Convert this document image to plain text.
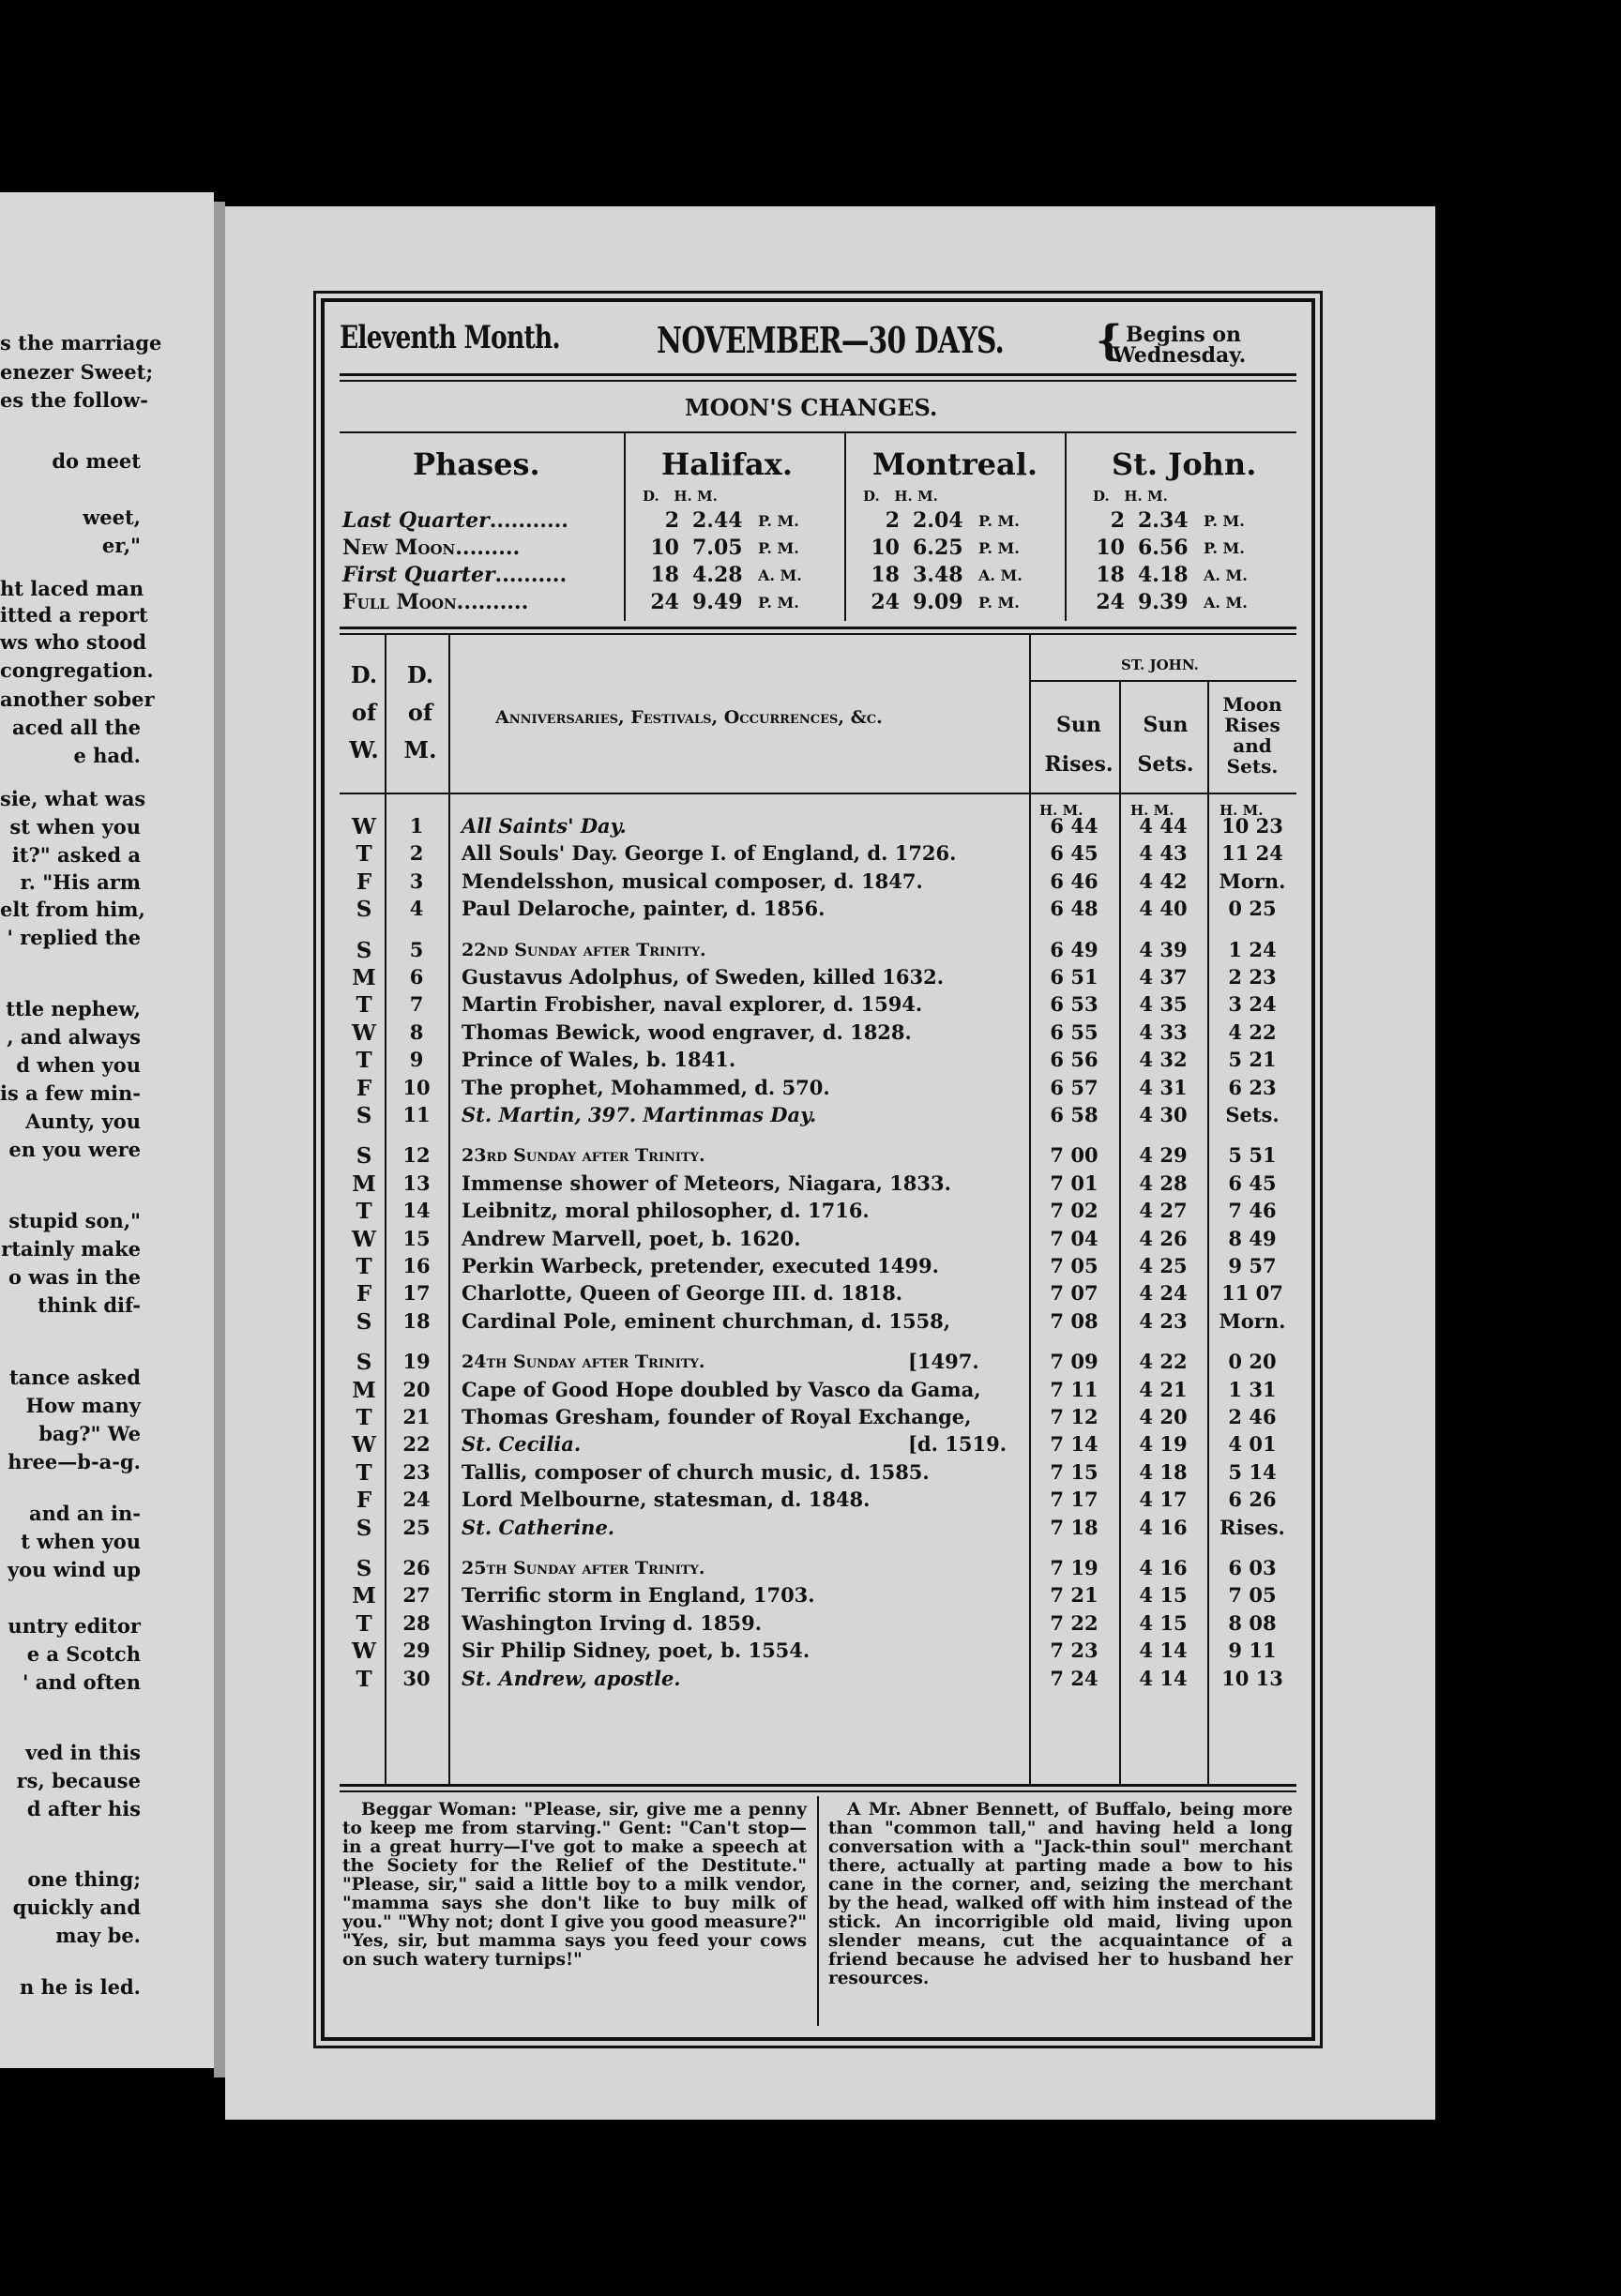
s the marriage
enezer Sweet;
es the follow-
do meet
weet,
er,"
ht laced man
itted a report
ws who stood
congregation.
another sober
aced all the
e had.
sie, what was
st when you
it?" asked a
r. "His arm
elt from him,
' replied the
ttle nephew,
, and always
d when you
is a few min-
Aunty, you
en you were
stupid son,"
rtainly make
o was in the
think dif-
tance asked
How many
bag?" We
hree—b-a-g.
and an in-
t when you
you wind up
untry editor
e a Scotch
' and often
ved in this
rs, because
d after his
one thing;
quickly and
may be.
n he is led.
Eleventh Month.	NOVEMBER—30 DAYS. { Begins on
Wednesday.
MOON'S CHANGES.
Phases.	Halifax.	Montreal. St. John.
D.   H. M.	D.   H. M.	D.   H. M.
Last Quarter...........	2 2.44 P. M.	2 2.04 P. M.	2 2.34 P. M.
New Moon.........	10 7.05 P. M.	10 6.25 P. M.	10 6.56 P. M.
First Quarter..........	18 4.28 A. M.	18 3.48 A. M.	18 4.18 A. M.
Full Moon..........	24 9.49 P. M.	24 9.09 P. M.	24 9.39 A. M.
D.
of
W.
D.
of
M.
Anniversaries, Festivals, Occurrences, &c.
ST. JOHN.
Sun
Rises.
Sun
Sets.
Moon
Rises
and
Sets.
H. M.	H. M.	H. M.
W	1	All Saints' Day.	6 44	4 44	10 23
T	2	All Souls' Day. George I. of England, d. 1726.	6 45	4 43	11 24
F	3	Mendelsshon, musical composer, d. 1847.	6 46	4 42	Morn.
S	4	Paul Delaroche, painter, d. 1856.	6 48	4 40	0 25
S	5	22nd Sunday after Trinity.	6 49	4 39	1 24
M	6	Gustavus Adolphus, of Sweden, killed 1632.	6 51	4 37	2 23
T	7	Martin Frobisher, naval explorer, d. 1594.	6 53	4 35	3 24
W	8	Thomas Bewick, wood engraver, d. 1828.	6 55	4 33	4 22
T	9	Prince of Wales, b. 1841.	6 56	4 32	5 21
F	10	The prophet, Mohammed, d. 570.	6 57	4 31	6 23
S	11	St. Martin, 397. Martinmas Day.	6 58	4 30	Sets.
S	12	23rd Sunday after Trinity.	7 00	4 29	5 51
M	13	Immense shower of Meteors, Niagara, 1833.	7 01	4 28	6 45
T	14	Leibnitz, moral philosopher, d. 1716.	7 02	4 27	7 46
W	15	Andrew Marvell, poet, b. 1620.	7 04	4 26	8 49
T	16	Perkin Warbeck, pretender, executed 1499.	7 05	4 25	9 57
F	17	Charlotte, Queen of George III. d. 1818.	7 07	4 24	11 07
S	18	Cardinal Pole, eminent churchman, d. 1558,	7 08	4 23	Morn.
S	19	24th Sunday after Trinity.	[1497.	7 09	4 22	0 20
M	20	Cape of Good Hope doubled by Vasco da Gama,	7 11	4 21	1 31
T	21	Thomas Gresham, founder of Royal Exchange,	7 12	4 20	2 46
W	22	St. Cecilia.	[d. 1519.	7 14	4 19	4 01
T	23	Tallis, composer of church music, d. 1585.	7 15	4 18	5 14
F	24	Lord Melbourne, statesman, d. 1848.	7 17	4 17	6 26
S	25	St. Catherine.	7 18	4 16	Rises.
S	26	25th Sunday after Trinity.	7 19	4 16	6 03
M	27	Terrific storm in England, 1703.	7 21	4 15	7 05
T	28	Washington Irving d. 1859.	7 22	4 15	8 08
W	29	Sir Philip Sidney, poet, b. 1554.	7 23	4 14	9 11
T	30	St. Andrew, apostle.	7 24	4 14	10 13
Beggar Woman: "Please, sir, give me a penny to keep me from starving." Gent: "Can't stop—in a great hurry—I've got to make a speech at the Society for the Relief of the Destitute." "Please, sir," said a little boy to a milk vendor, "mamma says she don't like to buy milk of you." "Why not; dont I give you good measure?" "Yes, sir, but mamma says you feed your cows on such watery turnips!"
A Mr. Abner Bennett, of Buffalo, being more than "common tall," and having held a long conversation with a "Jack-thin soul" merchant there, actually at parting made a bow to his cane in the corner, and, seizing the merchant by the head, walked off with him instead of the stick. An incorrigible old maid, living upon slender means, cut the acquaintance of a friend because he advised her to husband her resources.
